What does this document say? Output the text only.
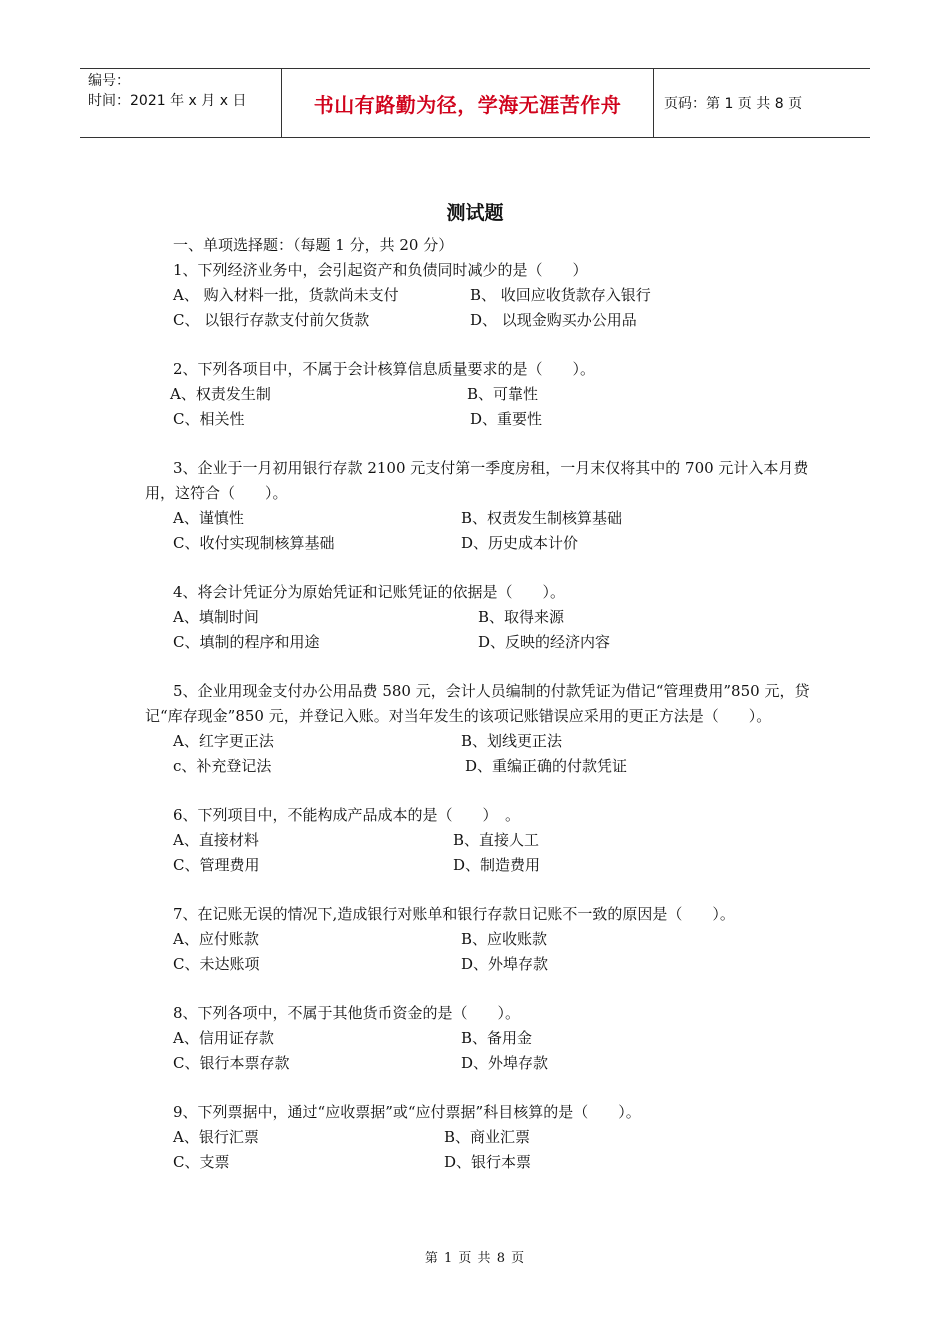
编号：
时间：2021 年 x 月 x 日	书山有路勤为径，学海无涯苦作舟	页码：第 1 页 共 8 页
测试题
一、单项选择题：（每题 1 分，共 20 分）
1、下列经济业务中，会引起资产和负债同时减少的是（　　）
A、 购入材料一批，货款尚未支付	B、 收回应收货款存入银行
C、 以银行存款支付前欠货款	D、 以现金购买办公用品
2、下列各项目中，不属于会计核算信息质量要求的是（　　）。
A、权责发生制	B、可靠性
C、相关性	D、重要性
3、企业于一月初用银行存款 2100 元支付第一季度房租，一月末仅将其中的 700 元计入本月费用，这符合（　　）。
A、谨慎性	B、权责发生制核算基础
C、收付实现制核算基础	D、历史成本计价
4、将会计凭证分为原始凭证和记账凭证的依据是（　　）。
A、填制时间	B、取得来源
C、填制的程序和用途	D、反映的经济内容
5、企业用现金支付办公用品费 580 元，会计人员编制的付款凭证为借记“管理费用”850 元，贷记“库存现金”850 元，并登记入账。对当年发生的该项记账错误应采用的更正方法是（　　）。
A、红字更正法	B、划线更正法
c、补充登记法	D、重编正确的付款凭证
6、下列项目中，不能构成产品成本的是（　　）　。
A、直接材料	B、直接人工
C、管理费用	D、制造费用
7、在记账无误的情况下,造成银行对账单和银行存款日记账不一致的原因是（　　）。
A、应付账款	B、应收账款
C、未达账项	D、外埠存款
8、下列各项中，不属于其他货币资金的是（　　）。
A、信用证存款	B、备用金
C、银行本票存款	D、外埠存款
9、下列票据中，通过“应收票据”或“应付票据”科目核算的是（　　）。
A、银行汇票	B、商业汇票
C、支票	D、银行本票
第 1 页 共 8 页
